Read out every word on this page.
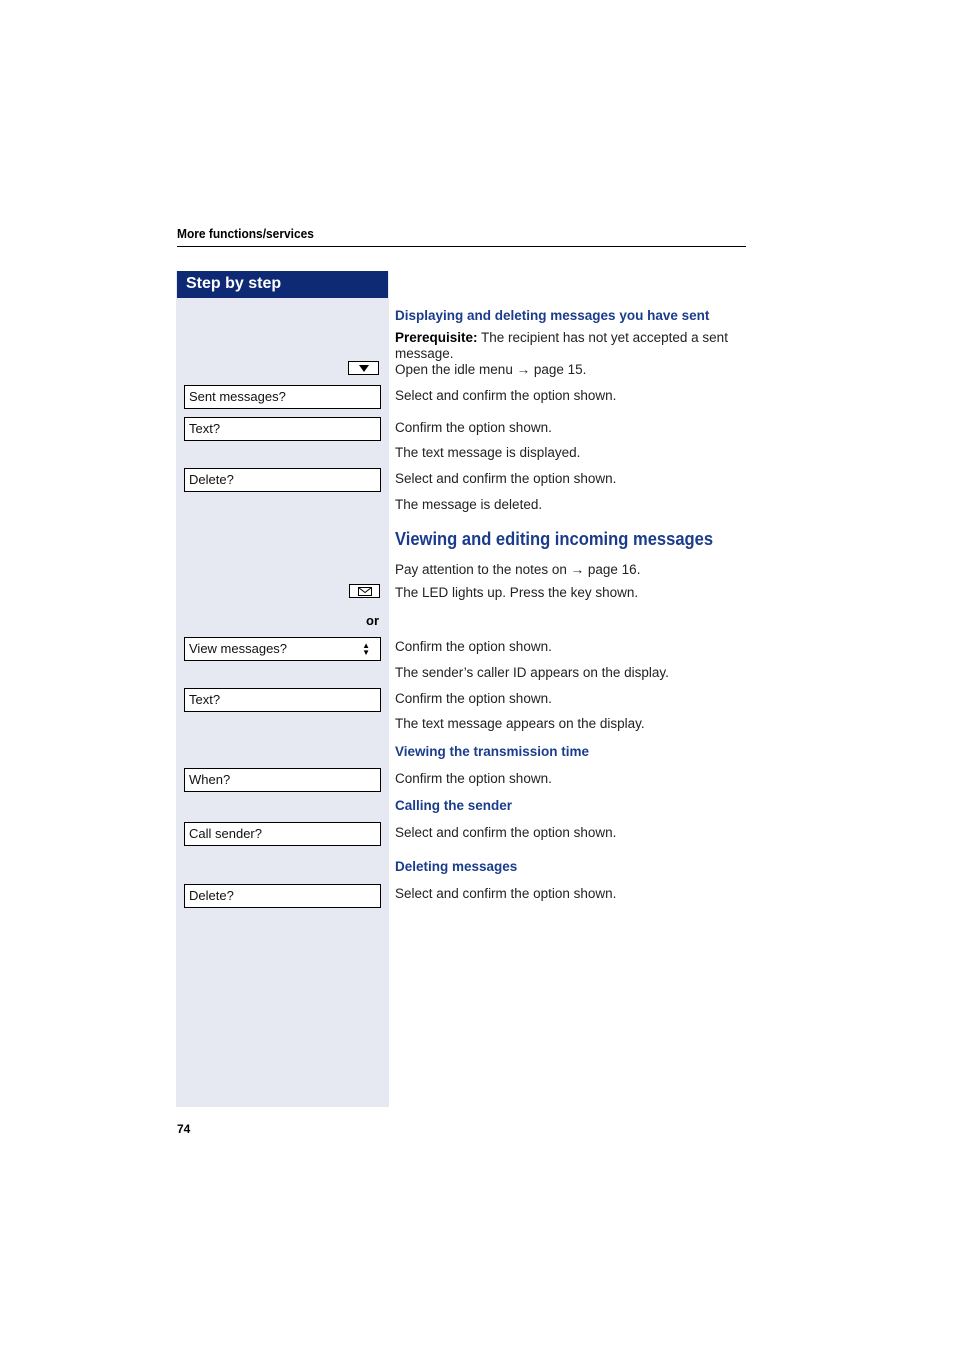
More functions/services
Step by step
Sent messages?
Text?
Delete?
or
View messages?	▲
▼
Text?
When?
Call sender?
Delete?
Displaying and deleting messages you have sent
Prerequisite: The recipient has not yet accepted a sent
message.
Open the idle menu → page 15.
Select and confirm the option shown.
Confirm the option shown.
The text message is displayed.
Select and confirm the option shown.
The message is deleted.
Viewing and editing incoming messages
Pay attention to the notes on → page 16.
The LED lights up. Press the key shown.
Confirm the option shown.
The sender’s caller ID appears on the display.
Confirm the option shown.
The text message appears on the display.
Viewing the transmission time
Confirm the option shown.
Calling the sender
Select and confirm the option shown.
Deleting messages
Select and confirm the option shown.
74
